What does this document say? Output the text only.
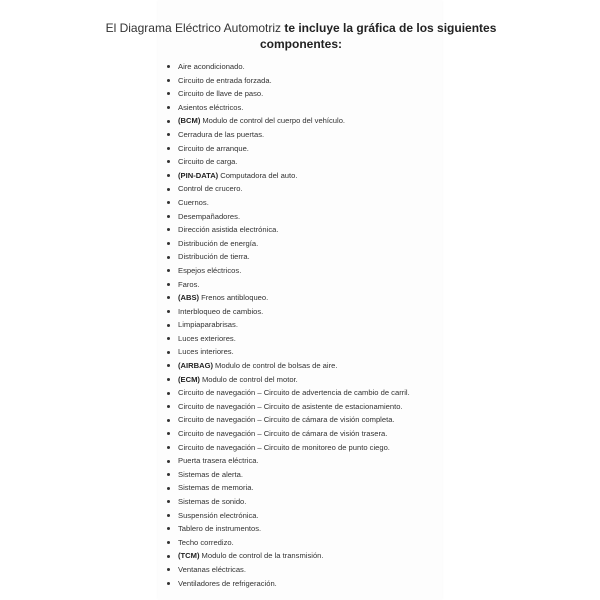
El Diagrama Eléctrico Automotriz te incluye la gráfica de los siguientes componentes:
Aire acondicionado.
Circuito de entrada forzada.
Circuito de llave de paso.
Asientos eléctricos.
(BCM) Modulo de control del cuerpo del vehículo.
Cerradura de las puertas.
Circuito de arranque.
Circuito de carga.
(PIN-DATA) Computadora del auto.
Control de crucero.
Cuernos.
Desempañadores.
Dirección asistida electrónica.
Distribución de energía.
Distribución de tierra.
Espejos eléctricos.
Faros.
(ABS) Frenos antibloqueo.
Interbloqueo de cambios.
Limpiaparabrisas.
Luces exteriores.
Luces interiores.
(AIRBAG) Modulo de control de bolsas de aire.
(ECM) Modulo de control del motor.
Circuito de navegación – Circuito de advertencia de cambio de carril.
Circuito de navegación – Circuito de asistente de estacionamiento.
Circuito de navegación – Circuito de cámara de visión completa.
Circuito de navegación – Circuito de cámara de visión trasera.
Circuito de navegación – Circuito de monitoreo de punto ciego.
Puerta trasera eléctrica.
Sistemas de alerta.
Sistemas de memoria.
Sistemas de sonido.
Suspensión electrónica.
Tablero de instrumentos.
Techo corredizo.
(TCM) Modulo de control de la transmisión.
Ventanas eléctricas.
Ventiladores de refrigeración.
